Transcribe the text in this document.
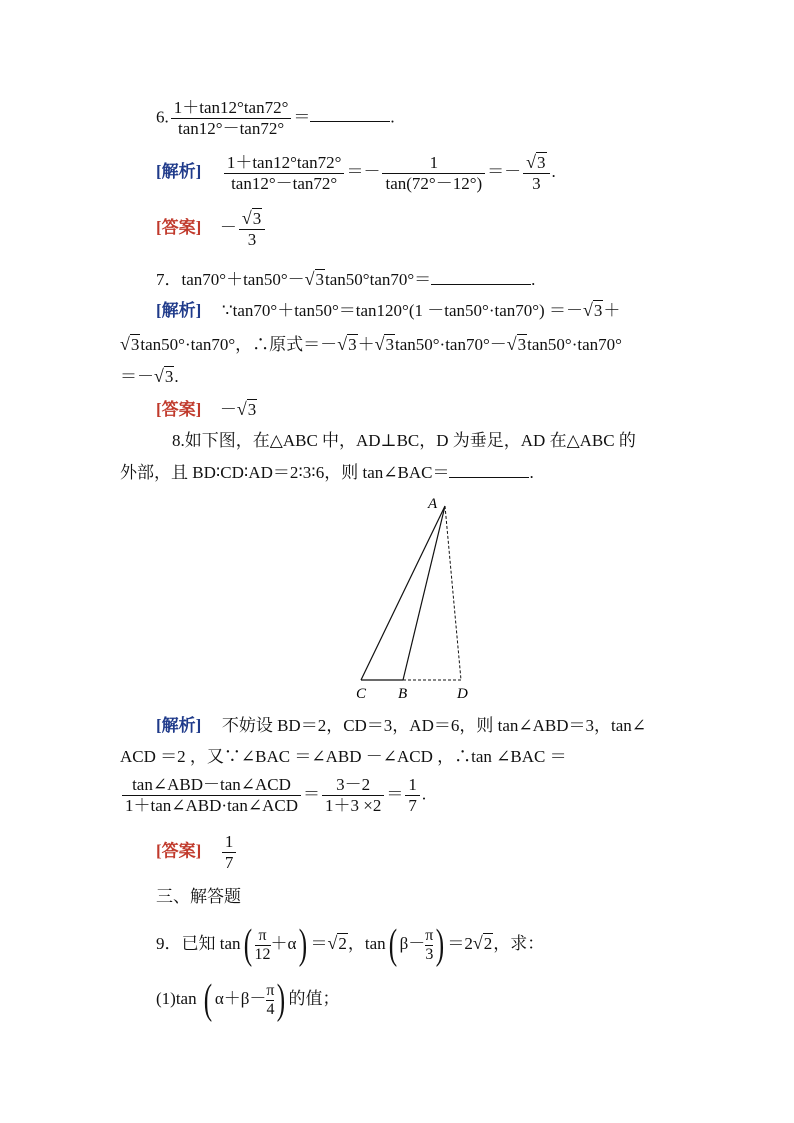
6. $\frac{1+\tan 12^\circ\tan 72^\circ}{\tan 12^\circ-\tan 72^\circ}$ ＝	.
[解析] $\frac{1+\tan 12^\circ\tan 72^\circ}{\tan 12^\circ-\tan 72^\circ} =- \frac{1}{\tan(72^\circ-12^\circ)} =- \frac{√3}{3}$ .
[答案] － $\frac{√3}{3}$
7．tan70°＋tan50°－√3tan50°tan70°＝	.
[解析] ∵tan70°＋tan50°＝tan120°(1 －tan50°·tan70°) ＝－√3＋
√3tan50°·tan70°，∴原式＝－√3＋√3tan50°·tan70°－√3tan50°·tan70°
＝－√3.
[答案] －√3
8.如下图，在△ABC 中，AD⊥BC，D 为垂足，AD 在△ABC 的
外部，且 BD∶CD∶AD＝2∶3∶6，则 tan∠BAC＝	.
A
C B	D
[解析] 不妨设 BD＝2，CD＝3，AD＝6，则 tan∠ABD＝3，tan∠
ACD ＝2 ，又∵∠BAC ＝∠ABD －∠ACD ，∴tan ∠BAC ＝
$\frac{\text{tan∠ABD－tan∠ACD}}{\text{1＋tan∠ABD·tan∠ACD}} = \frac{3-2}{1+3 \times 2} = \frac{1}{7}$ .
[答案] $\frac{1}{7}$
三、解答题
9．已知 $\tan( \frac{\pi}{12} +\alpha) =√2$，tan( $\beta- \frac{\pi}{3}$ ) ＝2√2，求：
(1)tan ( $\alpha+\beta- \frac{\pi}{4}$ ) 的值；
